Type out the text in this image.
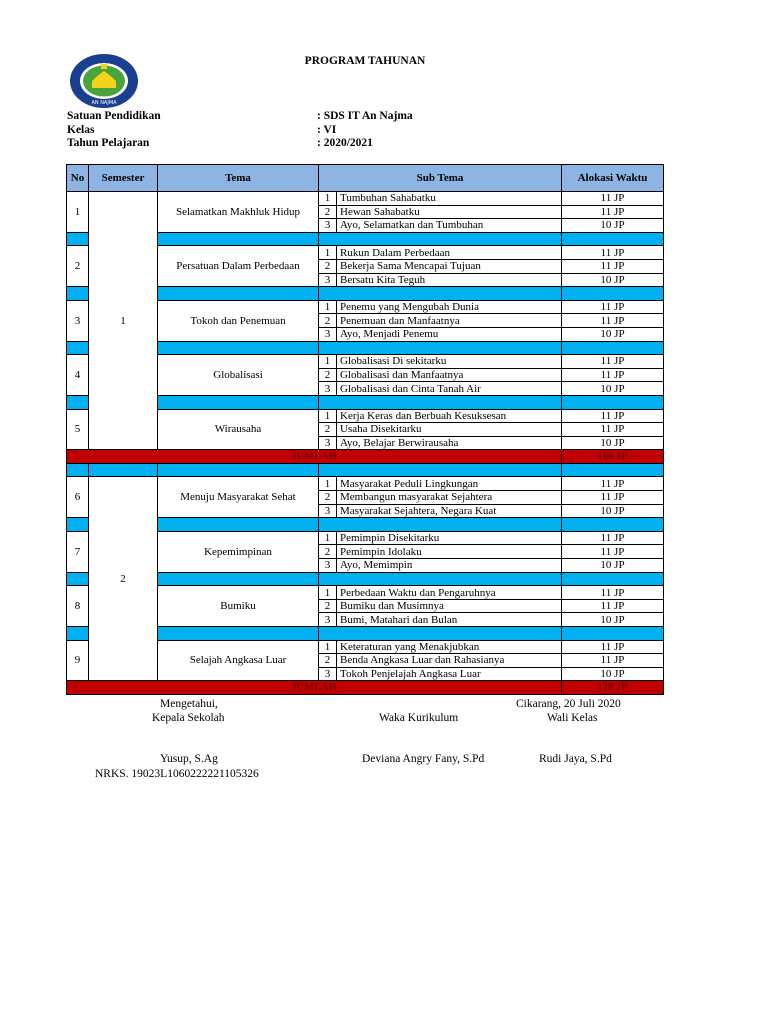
PROGRAM TAHUNAN
AN NAJMA
Satuan Pendidikan	: SDS IT An Najma
Kelas	: VI
Tahun Pelajaran	: 2020/2021
No	Semester	Tema	Sub Tema		Alokasi Waktu
1	1	Selamatkan Makhluk Hidup	1	Tumbuhan Sahabatku	11 JP
			2	Hewan Sahabatku	11 JP
			3	Ayo, Selamatkan dan Tumbuhan	10 JP

2		Persatuan Dalam Perbedaan	1	Rukun Dalam Perbedaan	11 JP
			2	Bekerja Sama Mencapai Tujuan	11 JP
			3	Bersatu Kita Teguh	10 JP

3		Tokoh dan Penemuan	1	Penemu yang Mengubah Dunia	11 JP
			2	Penemuan dan Manfaatnya	11 JP
			3	Ayo, Menjadi Penemu	10 JP

4		Globalisasi	1	Globalisasi Di sekitarku	11 JP
			2	Globalisasi dan Manfaatnya	11 JP
			3	Globalisasi dan Cinta Tanah Air	10 JP

5		Wirausaha	1	Kerja Keras dan Berbuah Kesuksesan	11 JP
			2	Usaha Disekitarku	11 JP
			3	Ayo, Belajar Berwirausaha	10 JP
JUMLAH					160 JP

6	2	Menuju Masyarakat Sehat	1	Masyarakat Peduli Lingkungan	11 JP
			2	Membangun masyarakat Sejahtera	11 JP
			3	Masyarakat Sejahtera, Negara Kuat	10 JP

7		Kepemimpinan	1	Pemimpin Disekitarku	11 JP
			2	Pemimpin Idolaku	11 JP
			3	Ayo, Memimpin	10 JP

8		Bumiku	1	Perbedaan Waktu dan Pengaruhnya	11 JP
			2	Bumiku dan Musimnya	11 JP
			3	Bumi, Matahari dan Bulan	10 JP

9		Selajah Angkasa Luar	1	Keteraturan yang Menakjubkan	11 JP
			2	Benda Angkasa Luar dan Rahasianya	11 JP
			3	Tokoh Penjelajah Angkasa Luar	10 JP
JUMLAH					128 JP
Mengetahui,	Cikarang, 20 Juli 2020
Kepala Sekolah	Waka Kurikulum	Wali Kelas
Yusup, S.Ag	Deviana Angry Fany, S.Pd	Rudi Jaya, S.Pd
NRKS. 19023L1060222221105326
